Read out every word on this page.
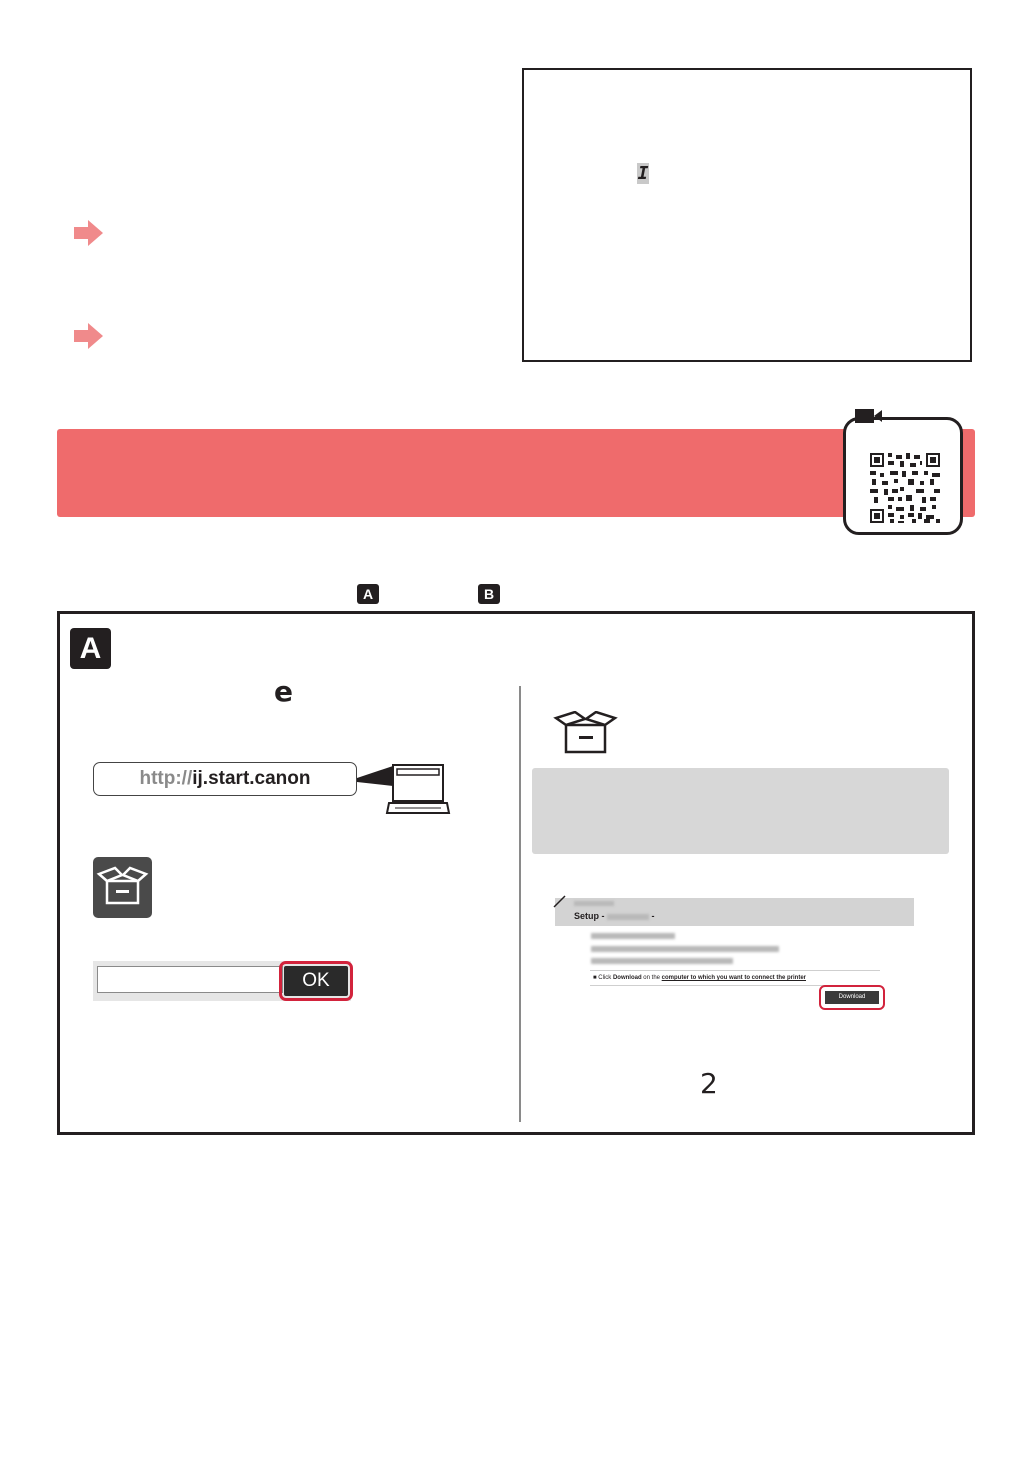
I
A	B
A
e
http://ij.start.canon
OK
Setup -	-
■ Click Download on the computer to which you want to connect the printer
Download
2
